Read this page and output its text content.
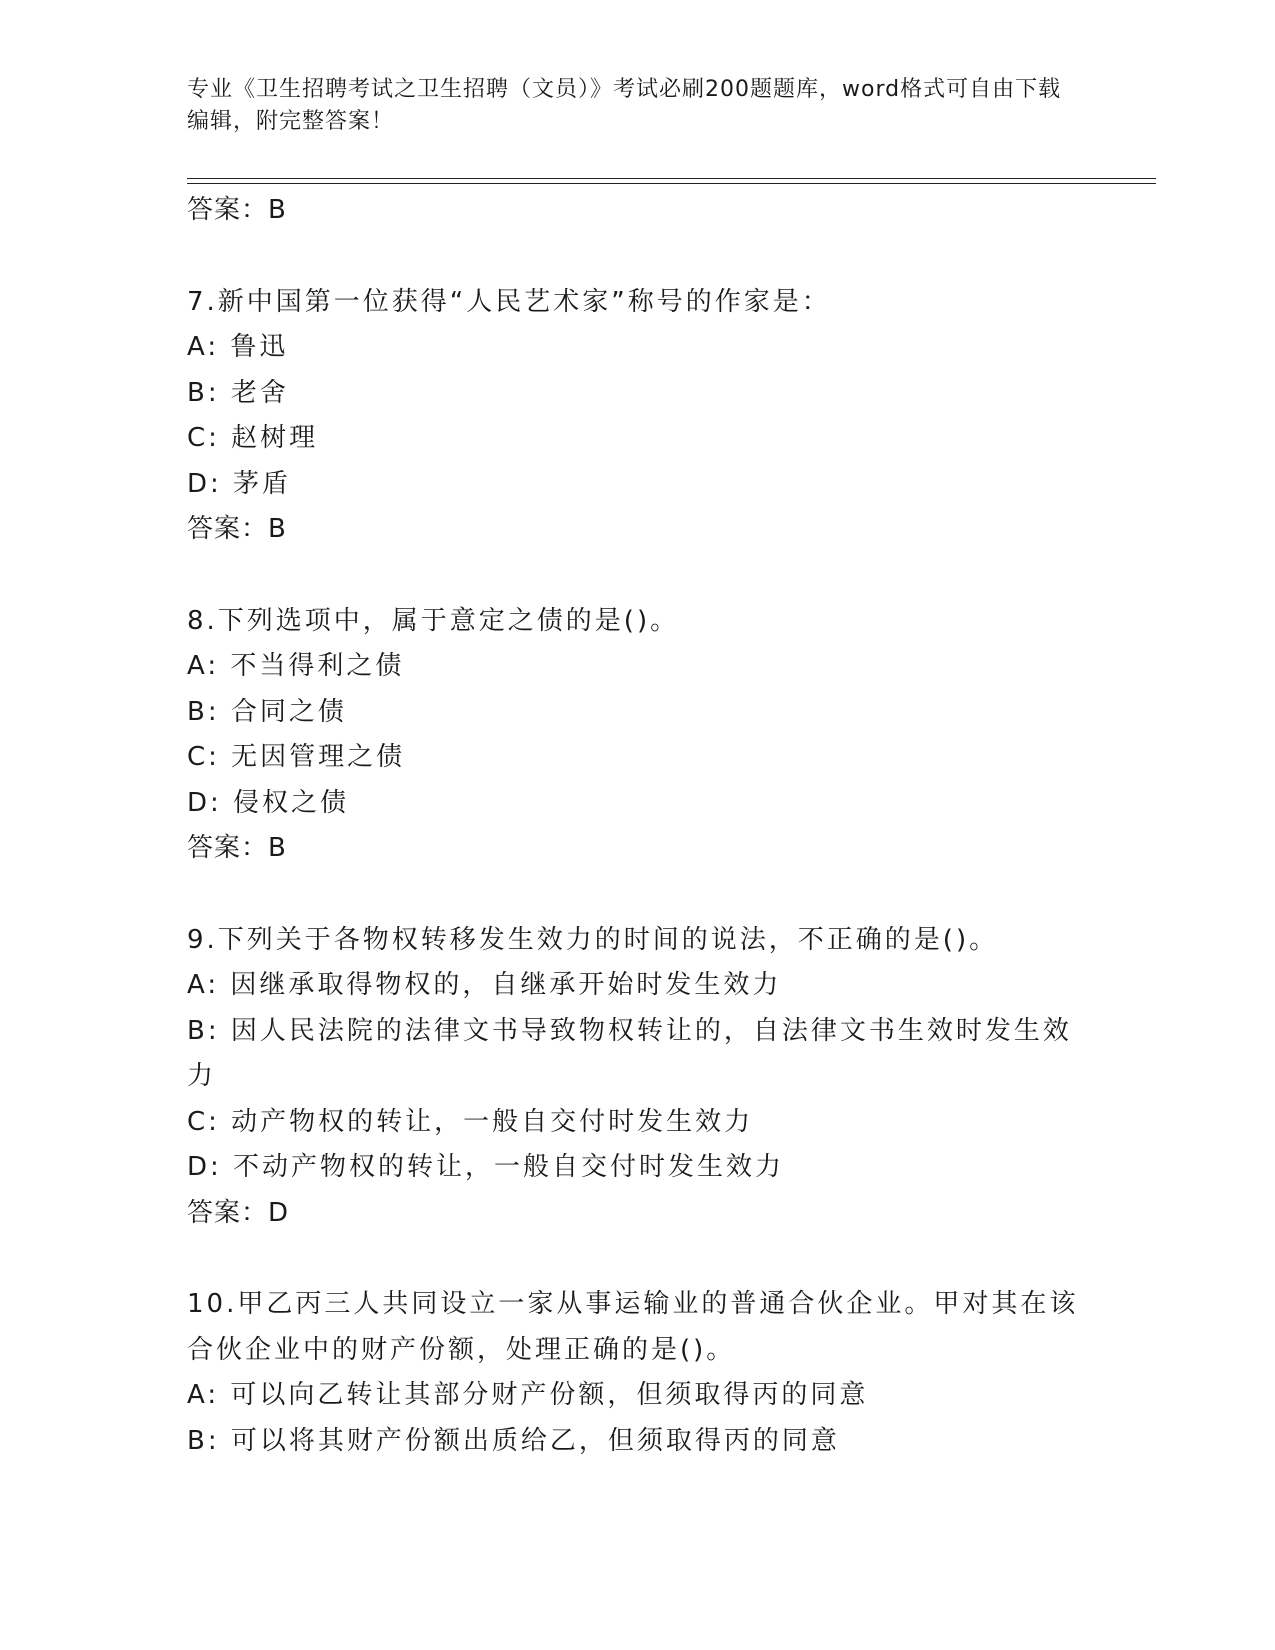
专业《卫生招聘考试之卫生招聘（文员）》考试必刷200题题库，word格式可自由下载编辑，附完整答案！
答案：B
7.新中国第一位获得“人民艺术家”称号的作家是：
A: 鲁迅
B: 老舍
C: 赵树理
D: 茅盾
答案：B
8.下列选项中，属于意定之债的是()。
A: 不当得利之债
B: 合同之债
C: 无因管理之债
D: 侵权之债
答案：B
9.下列关于各物权转移发生效力的时间的说法，不正确的是()。
A: 因继承取得物权的，自继承开始时发生效力
B: 因人民法院的法律文书导致物权转让的，自法律文书生效时发生效力
C: 动产物权的转让，一般自交付时发生效力
D: 不动产物权的转让，一般自交付时发生效力
答案：D
10.甲乙丙三人共同设立一家从事运输业的普通合伙企业。甲对其在该合伙企业中的财产份额，处理正确的是()。
A: 可以向乙转让其部分财产份额，但须取得丙的同意
B: 可以将其财产份额出质给乙，但须取得丙的同意
